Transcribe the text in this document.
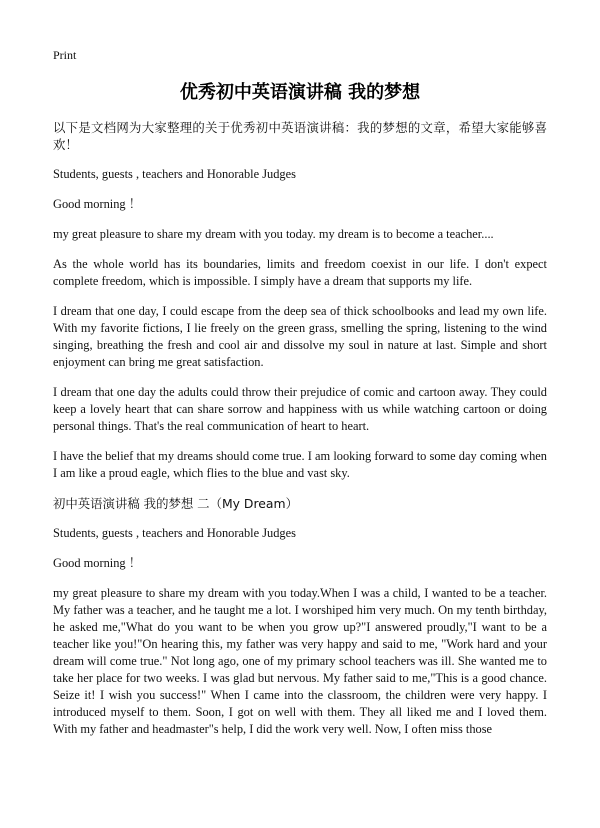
Print
优秀初中英语演讲稿 我的梦想

以下是文档网为大家整理的关于优秀初中英语演讲稿：我的梦想的文章，希望大家能够喜欢！

Students, guests , teachers and Honorable Judges

Good morning ！

my great pleasure to share my dream with you today. my dream is to become a teacher....

As the whole world has its boundaries, limits and freedom coexist in our life. I don't expect complete freedom, which is impossible. I simply have a dream that supports my life.

I dream that one day, I could escape from the deep sea of thick schoolbooks and lead my own life. With my favorite fictions, I lie freely on the green grass, smelling the spring, listening to the wind singing, breathing the fresh and cool air and dissolve my soul in nature at last. Simple and short enjoyment can bring me great satisfaction.

I dream that one day the adults could throw their prejudice of comic and cartoon away. They could keep a lovely heart that can share sorrow and happiness with us while watching cartoon or doing personal things. That's the real communication of heart to heart.

I have the belief that my dreams should come true. I am looking forward to some day coming when I am like a proud eagle, which flies to the blue and vast sky.

初中英语演讲稿 我的梦想 二（My Dream）

Students, guests , teachers and Honorable Judges

Good morning ！

my great pleasure to share my dream with you today.When I was a child, I wanted to be a teacher. My father was a teacher, and he taught me a lot. I worshiped him very much. On my tenth birthday, he asked me,"What do you want to be when you grow up?"I answered proudly,"I want to be a teacher like you!"On hearing this, my father was very happy and said to me, "Work hard and your dream will come true." Not long ago, one of my primary school teachers was ill. She wanted me to take her place for two weeks. I was glad but nervous. My father said to me,"This is a good chance. Seize it! I wish you success!" When I came into the classroom, the children were very happy. I introduced myself to them. Soon, I got on well with them. They all liked me and I loved them. With my father and headmaster"s help, I did the work very well. Now, I often miss those
